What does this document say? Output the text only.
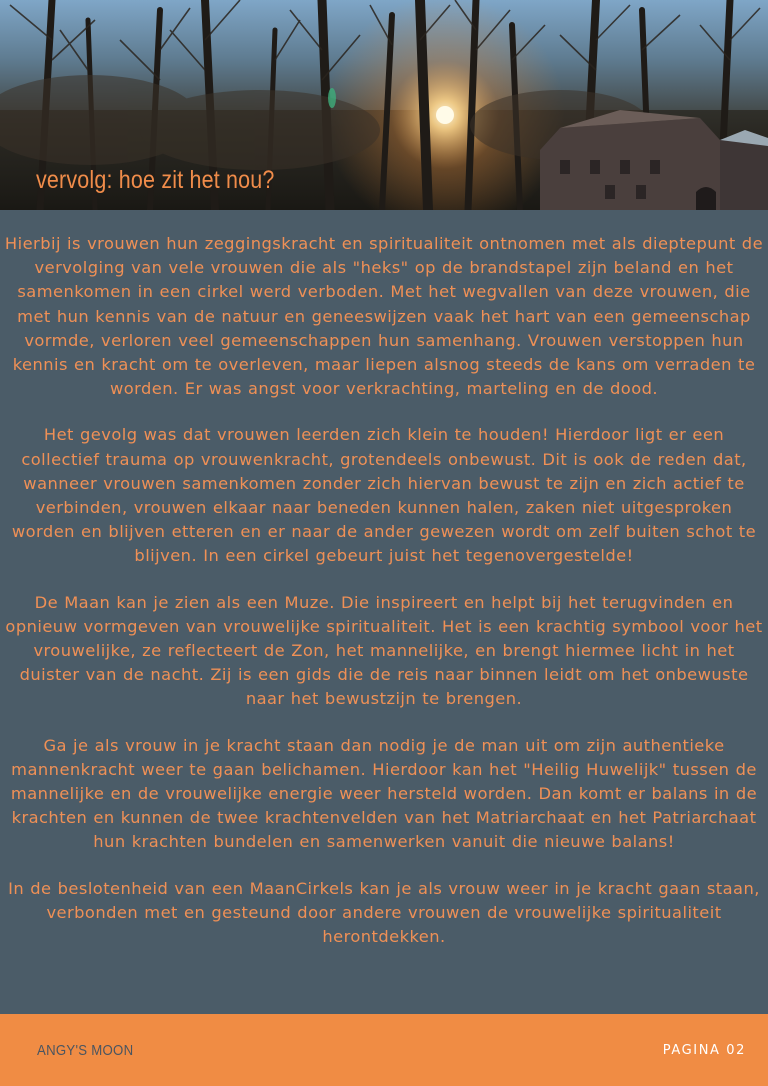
vervolg: hoe zit het nou?

Hierbij is vrouwen hun zeggingskracht en spiritualiteit ontnomen met als dieptepunt de vervolging van vele vrouwen die als "heks" op de brandstapel zijn beland en het samenkomen in een cirkel werd verboden. Met het wegvallen van deze vrouwen, die met hun kennis van de natuur en geneeswijzen vaak het hart van een gemeenschap vormde, verloren veel gemeenschappen hun samenhang. Vrouwen verstoppen hun kennis en kracht om te overleven, maar liepen alsnog steeds de kans om verraden te worden. Er was angst voor verkrachting, marteling en de dood.

Het gevolg was dat vrouwen leerden zich klein te houden! Hierdoor ligt er een collectief trauma op vrouwenkracht, grotendeels onbewust. Dit is ook de reden dat, wanneer vrouwen samenkomen zonder zich hiervan bewust te zijn en zich actief te verbinden, vrouwen elkaar naar beneden kunnen halen, zaken niet uitgesproken worden en blijven etteren en er naar de ander gewezen wordt om zelf buiten schot te blijven. In een cirkel gebeurt juist het tegenovergestelde!

De Maan kan je zien als een Muze. Die inspireert en helpt bij het terugvinden en opnieuw vormgeven van vrouwelijke spiritualiteit. Het is een krachtig symbool voor het vrouwelijke, ze reflecteert de Zon, het mannelijke, en brengt hiermee licht in het duister van de nacht. Zij is een gids die de reis naar binnen leidt om het onbewuste naar het bewustzijn te brengen.

Ga je als vrouw in je kracht staan dan nodig je de man uit om zijn authentieke mannenkracht weer te gaan belichamen. Hierdoor kan het "Heilig Huwelijk" tussen de mannelijke en de vrouwelijke energie weer hersteld worden. Dan komt er balans in de krachten en kunnen de twee krachtenvelden van het Matriarchaat en het Patriarchaat hun krachten bundelen en samenwerken vanuit die nieuwe balans!

In de beslotenheid van een MaanCirkels kan je als vrouw weer in je kracht gaan staan, verbonden met en gesteund door andere vrouwen de vrouwelijke spiritualiteit herontdekken.

ANGY'S MOON	PAGINA 02
